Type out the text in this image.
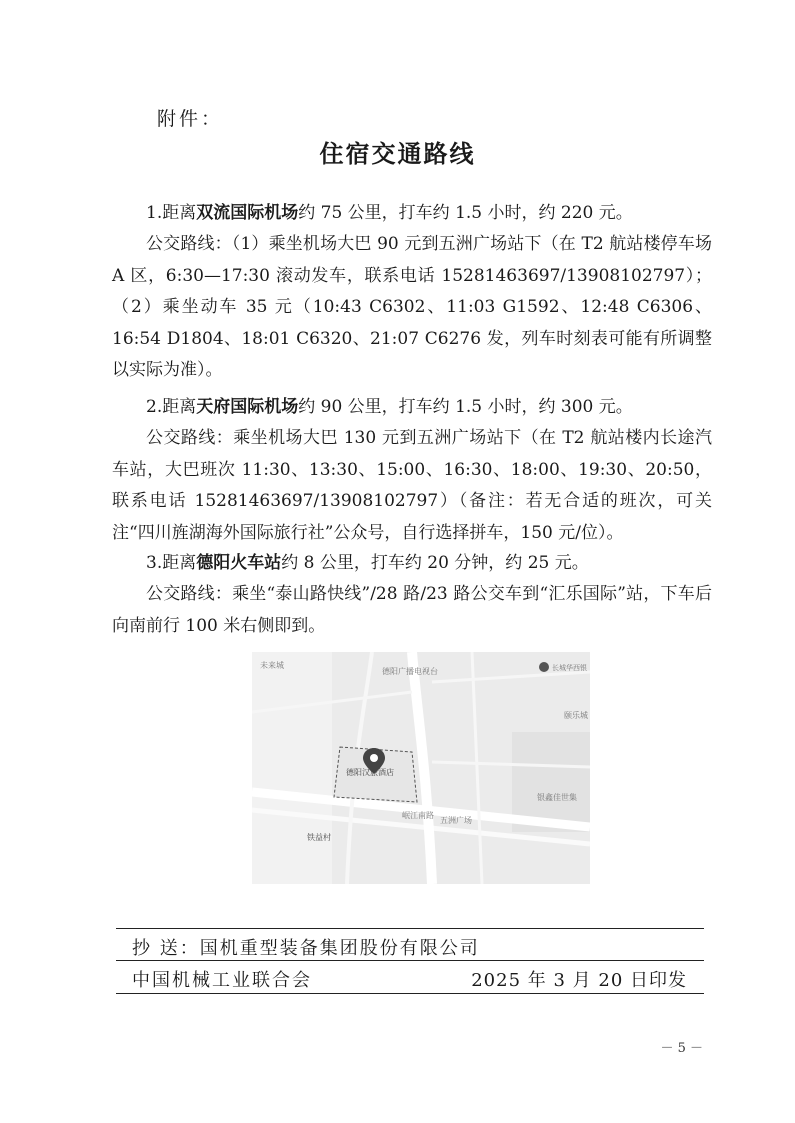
附件：
住宿交通路线
1.距离双流国际机场约 75 公里，打车约 1.5 小时，约 220 元。
公交路线：（1）乘坐机场大巴 90 元到五洲广场站下（在 T2 航站楼停车场 A 区，6:30—17:30 滚动发车，联系电话 15281463697/13908102797）；（2）乘坐动车 35 元（10:43 C6302、11:03 G1592、12:48 C6306、16:54 D1804、18:01 C6320、21:07 C6276 发，列车时刻表可能有所调整以实际为准）。
2.距离天府国际机场约 90 公里，打车约 1.5 小时，约 300 元。
公交路线：乘坐机场大巴 130 元到五洲广场站下（在 T2 航站楼内长途汽车站，大巴班次 11:30、13:30、15:00、16:30、18:00、19:30、20:50，联系电话 15281463697/13908102797）（备注：若无合适的班次，可关注“四川旌湖海外国际旅行社”公众号，自行选择拼车，150 元/位）。
3.距离德阳火车站约 8 公里，打车约 20 分钟，约 25 元。
公交路线：乘坐“泰山路快线”/28 路/23 路公交车到“汇乐国际”站，下车后向南前行 100 米右侧即到。
未来城
德阳广播电视台	长城华西银
颐乐城
德阳汉旅酒店
银鑫佳世集
岷江南路
五洲广场
铁益村
抄 送：国机重型装备集团股份有限公司
中国机械工业联合会	2025 年 3 月 20 日印发
－ 5 －
